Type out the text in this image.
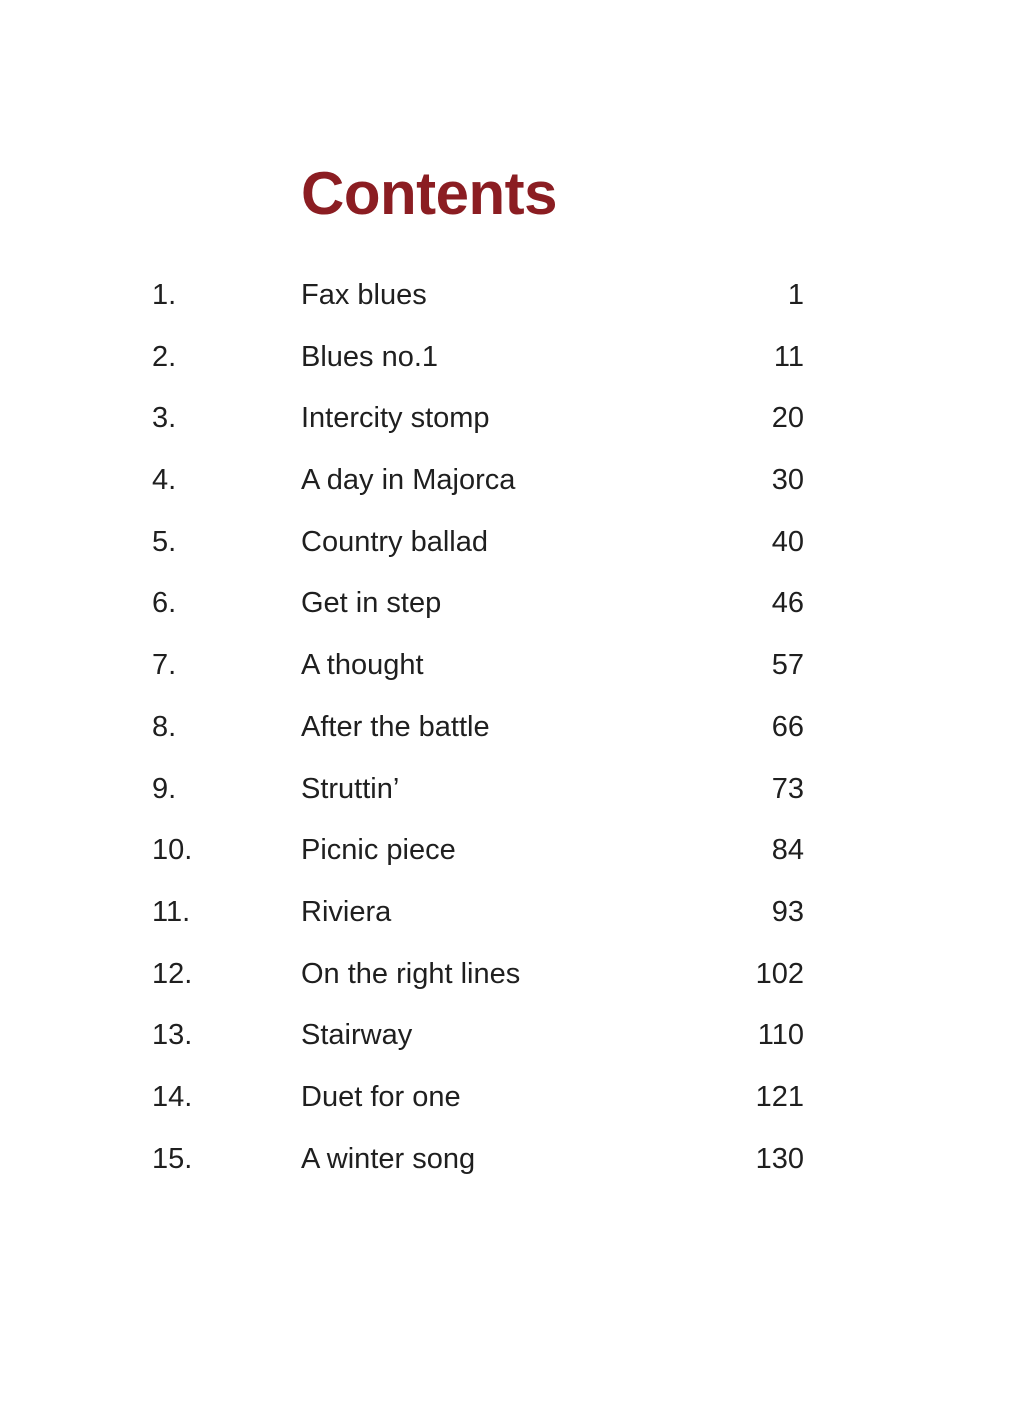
Contents
1.	Fax blues	1
2.	Blues no.1	11
3.	Intercity stomp	20
4.	A day in Majorca	30
5.	Country ballad	40
6.	Get in step	46
7.	A thought	57
8.	After the battle	66
9.	Struttin’	73
10.	Picnic piece	84
11.	Riviera	93
12.	On the right lines	102
13.	Stairway	110
14.	Duet for one	121
15.	A winter song	130
